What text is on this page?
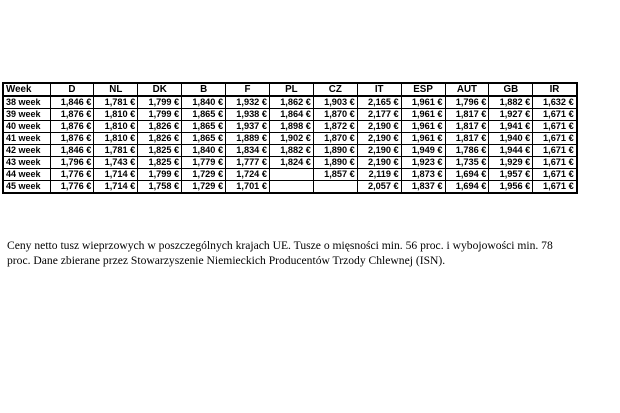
Week	D	NL	DK	B	F	PL	CZ	IT	ESP	AUT	GB	IR
38 week	1,846 €	1,781 €	1,799 €	1,840 €	1,932 €	1,862 €	1,903 €	2,165 €	1,961 €	1,796 €	1,882 €	1,632 €
39 week	1,876 €	1,810 €	1,799 €	1,865 €	1,938 €	1,864 €	1,870 €	2,177 €	1,961 €	1,817 €	1,927 €	1,671 €
40 week	1,876 €	1,810 €	1,826 €	1,865 €	1,937 €	1,898 €	1,872 €	2,190 €	1,961 €	1,817 €	1,941 €	1,671 €
41 week	1,876 €	1,810 €	1,826 €	1,865 €	1,889 €	1,902 €	1,870 €	2,190 €	1,961 €	1,817 €	1,940 €	1,671 €
42 week	1,846 €	1,781 €	1,825 €	1,840 €	1,834 €	1,882 €	1,890 €	2,190 €	1,949 €	1,786 €	1,944 €	1,671 €
43 week	1,796 €	1,743 €	1,825 €	1,779 €	1,777 €	1,824 €	1,890 €	2,190 €	1,923 €	1,735 €	1,929 €	1,671 €
44 week	1,776 €	1,714 €	1,799 €	1,729 €	1,724 €		1,857 €	2,119 €	1,873 €	1,694 €	1,957 €	1,671 €
45 week	1,776 €	1,714 €	1,758 €	1,729 €	1,701 €			2,057 €	1,837 €	1,694 €	1,956 €	1,671 €

Ceny netto tusz wieprzowych w poszczególnych krajach UE. Tusze o mięsności min. 56 proc. i wybojowości min. 78
proc. Dane zbierane przez Stowarzyszenie Niemieckich Producentów Trzody Chlewnej (ISN).
